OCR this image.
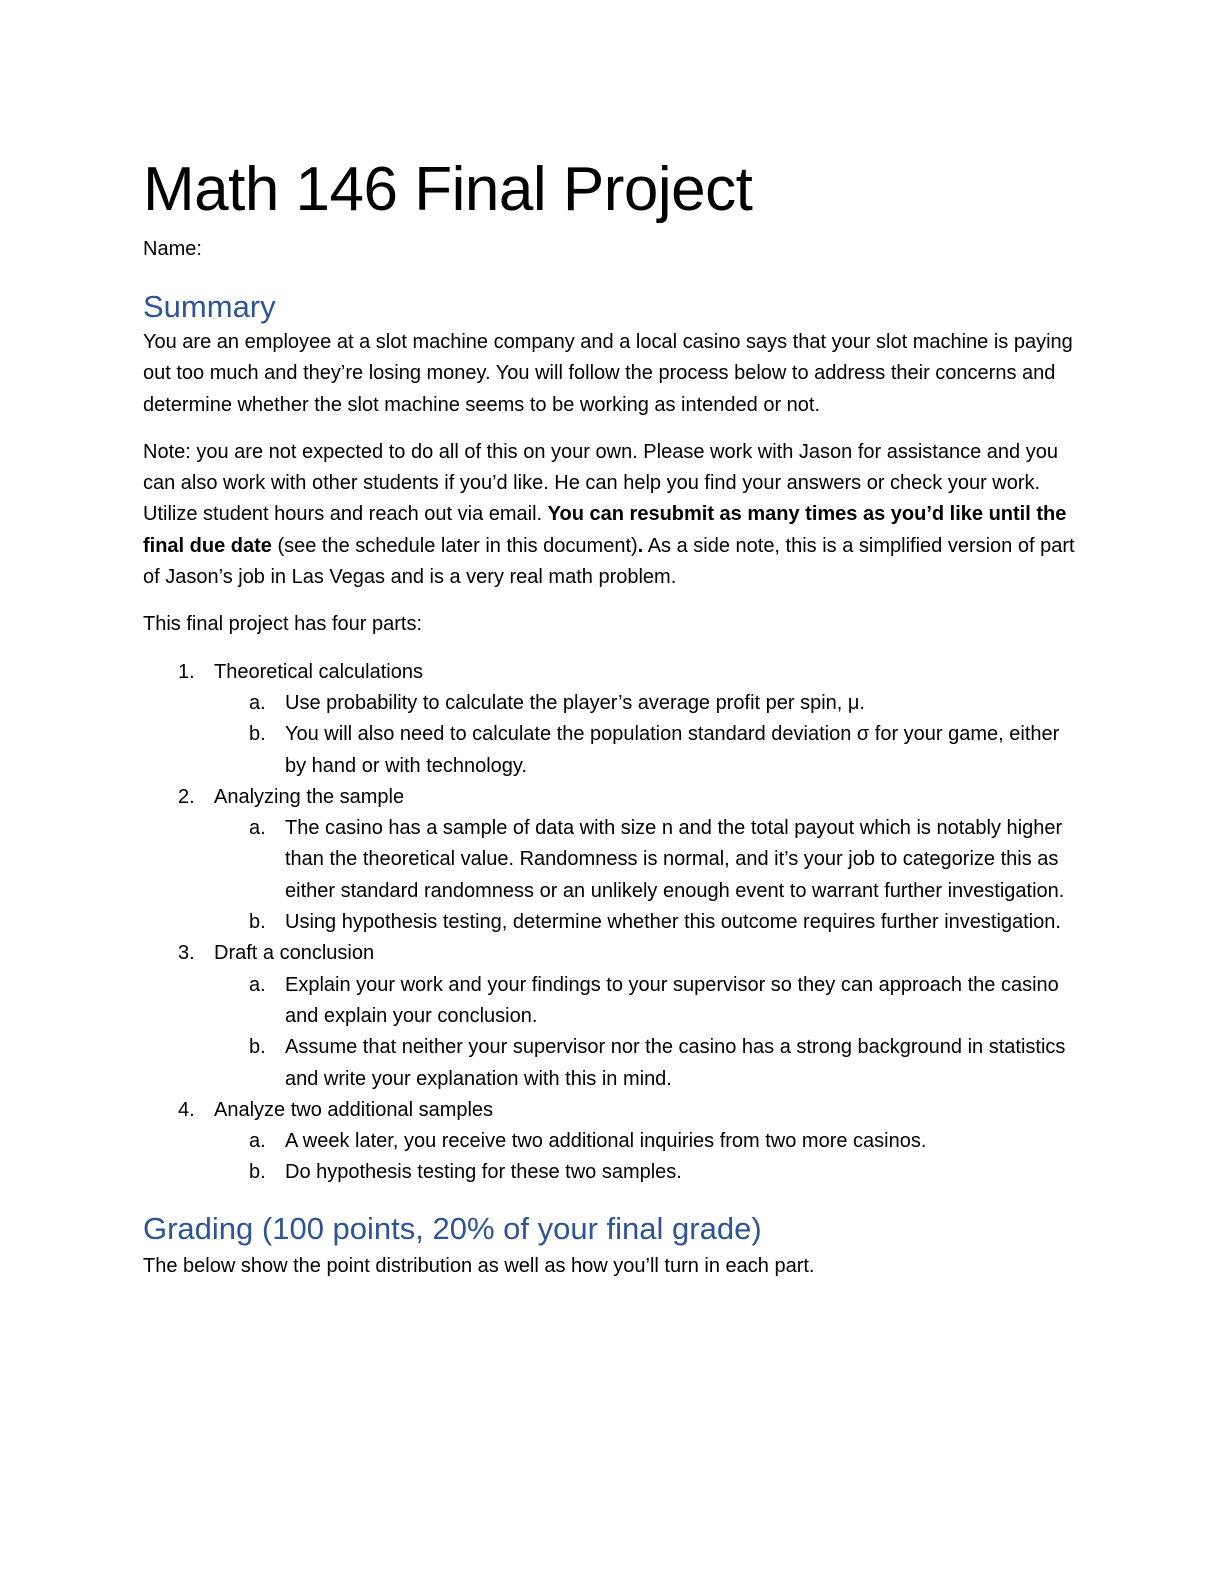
Math 146 Final Project

Name:

Summary

You are an employee at a slot machine company and a local casino says that your slot machine is paying out too much and they’re losing money. You will follow the process below to address their concerns and determine whether the slot machine seems to be working as intended or not.

Note: you are not expected to do all of this on your own. Please work with Jason for assistance and you can also work with other students if you’d like. He can help you find your answers or check your work. Utilize student hours and reach out via email. You can resubmit as many times as you’d like until the final due date (see the schedule later in this document). As a side note, this is a simplified version of part of Jason’s job in Las Vegas and is a very real math problem.

This final project has four parts:

1. Theoretical calculations
a. Use probability to calculate the player’s average profit per spin, μ.
b. You will also need to calculate the population standard deviation σ for your game, either by hand or with technology.
2. Analyzing the sample
a. The casino has a sample of data with size n and the total payout which is notably higher than the theoretical value. Randomness is normal, and it’s your job to categorize this as either standard randomness or an unlikely enough event to warrant further investigation.
b. Using hypothesis testing, determine whether this outcome requires further investigation.
3. Draft a conclusion
a. Explain your work and your findings to your supervisor so they can approach the casino and explain your conclusion.
b. Assume that neither your supervisor nor the casino has a strong background in statistics and write your explanation with this in mind.
4. Analyze two additional samples
a. A week later, you receive two additional inquiries from two more casinos.
b. Do hypothesis testing for these two samples.
Grading (100 points, 20% of your final grade)

The below show the point distribution as well as how you’ll turn in each part.
